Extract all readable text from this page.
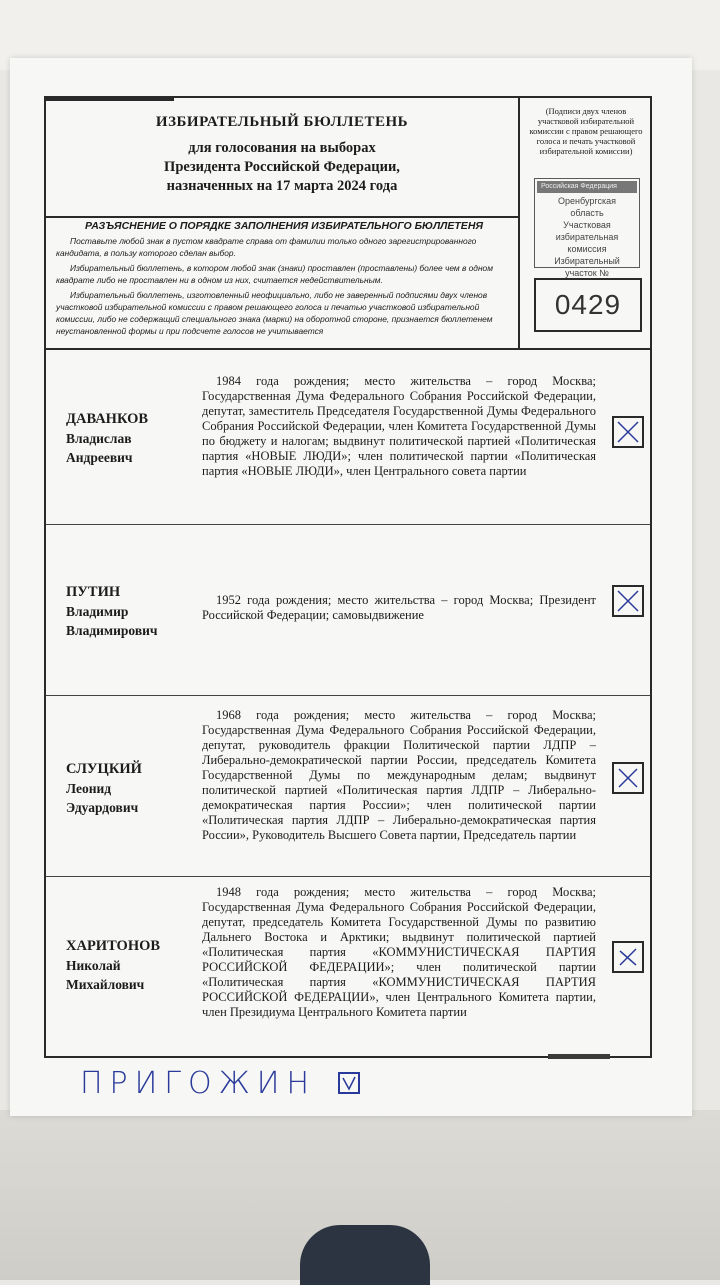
ИЗБИРАТЕЛЬНЫЙ БЮЛЛЕТЕНЬ
для голосования на выборах
Президента Российской Федерации,
назначенных на 17 марта 2024 года
РАЗЪЯСНЕНИЕ О ПОРЯДКЕ ЗАПОЛНЕНИЯ ИЗБИРАТЕЛЬНОГО БЮЛЛЕТЕНЯ

Поставьте любой знак в пустом квадрате справа от фамилии только одного зарегистрированного кандидата, в пользу которого сделан выбор.

Избирательный бюллетень, в котором любой знак (знаки) проставлен (проставлены) более чем в одном квадрате либо не проставлен ни в одном из них, считается недействительным.

Избирательный бюллетень, изготовленный неофициально, либо не заверенный подписями двух членов участковой избирательной комиссии с правом решающего голоса и печатью участковой избирательной комиссии, либо не содержащий специального знака (марки) на оборотной стороне, признается бюллетенем неустановленной формы и при подсчете голосов не учитывается

(Подписи двух членов участковой избирательной комиссии с правом решающего голоса и печать участковой избирательной комиссии)
Российская Федерация
Оренбургская
область
Участковая
избирательная
комиссия
Избирательный
участок №
0429
ДАВАНКОВ
Владислав
Андреевич
1984 года рождения; место жительства – город Москва; Государственная Дума Федерального Собрания Российской Федерации, депутат, заместитель Председателя Государственной Думы Федерального Собрания Российской Федерации, член Комитета Государственной Думы по бюджету и налогам; выдвинут политической партией «Политическая партия «НОВЫЕ ЛЮДИ»; член политической партии «Политическая партия «НОВЫЕ ЛЮДИ», член Центрального совета партии
ПУТИН
Владимир
Владимирович
1952 года рождения; место жительства – город Москва; Президент Российской Федерации; самовыдвижение
СЛУЦКИЙ
Леонид
Эдуардович
1968 года рождения; место жительства – город Москва; Государственная Дума Федерального Собрания Российской Федерации, депутат, руководитель фракции Политической партии ЛДПР – Либерально-демократической партии России, председатель Комитета Государственной Думы по международным делам; выдвинут политической партией «Политическая партия ЛДПР – Либерально-демократическая партия России»; член политической партии «Политическая партия ЛДПР – Либерально-демократическая партия России», Руководитель Высшего Совета партии, Председатель партии
ХАРИТОНОВ
Николай
Михайлович
1948 года рождения; место жительства – город Москва; Государственная Дума Федерального Собрания Российской Федерации, депутат, председатель Комитета Государственной Думы по развитию Дальнего Востока и Арктики; выдвинут политической партией «Политическая партия «КОММУНИСТИЧЕСКАЯ ПАРТИЯ РОССИЙСКОЙ ФЕДЕРАЦИИ»; член политической партии «Политическая партия «КОММУНИСТИЧЕСКАЯ ПАРТИЯ РОССИЙСКОЙ ФЕДЕРАЦИИ», член Центрального Комитета партии, член Президиума Центрального Комитета партии
ПРИГОЖИН
